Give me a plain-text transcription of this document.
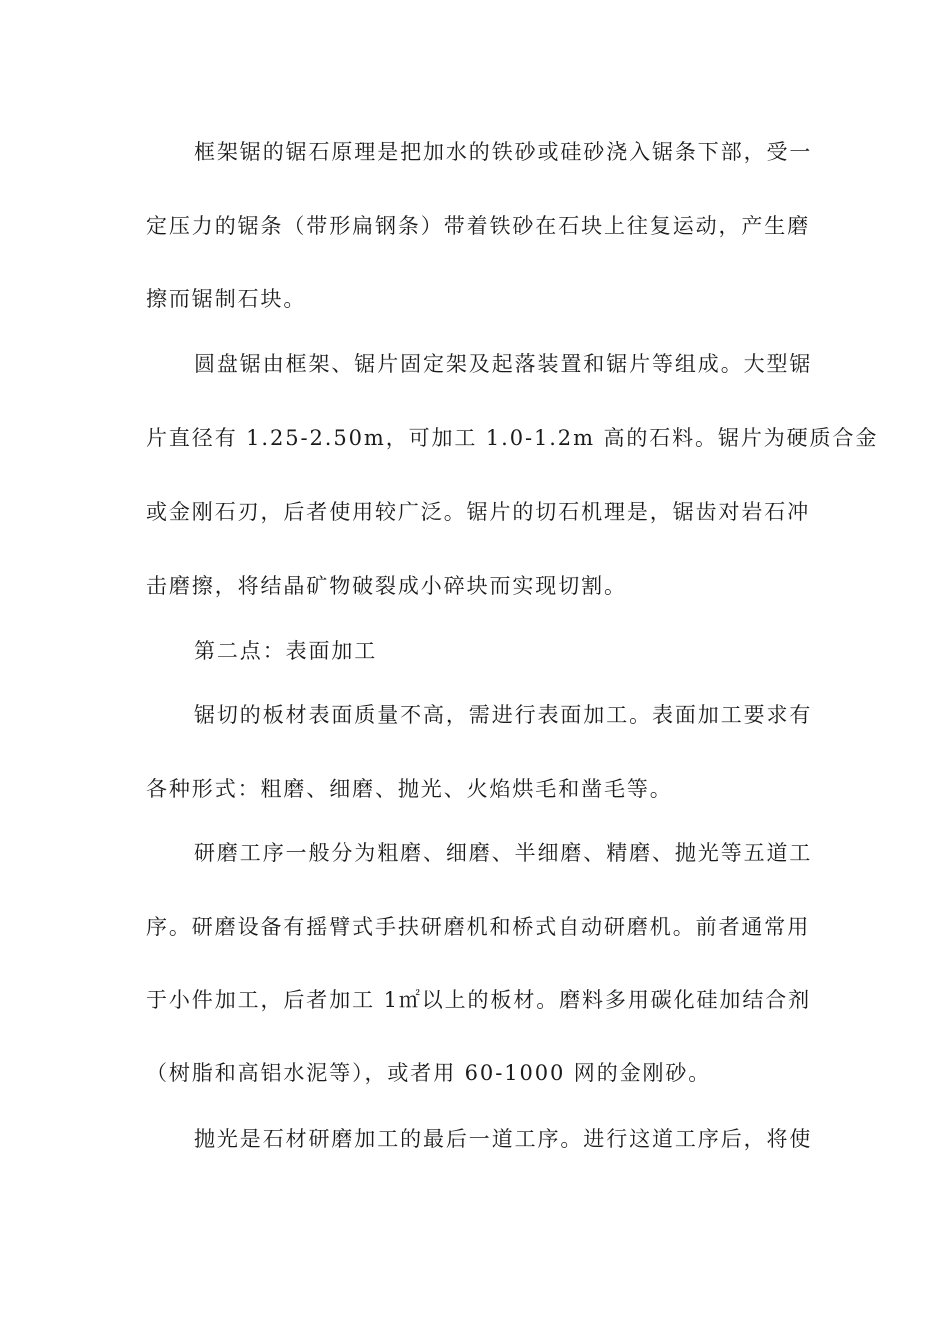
框架锯的锯石原理是把加水的铁砂或硅砂浇入锯条下部，受一
定压力的锯条（带形扁钢条）带着铁砂在石块上往复运动，产生磨
擦而锯制石块。
圆盘锯由框架、锯片固定架及起落装置和锯片等组成。大型锯
片直径有 1.25-2.50m，可加工 1.0-1.2m 高的石料。锯片为硬质合金
或金刚石刃，后者使用较广泛。锯片的切石机理是，锯齿对岩石冲
击磨擦，将结晶矿物破裂成小碎块而实现切割。
第二点：表面加工
锯切的板材表面质量不高，需进行表面加工。表面加工要求有
各种形式：粗磨、细磨、抛光、火焰烘毛和凿毛等。
研磨工序一般分为粗磨、细磨、半细磨、精磨、抛光等五道工
序。研磨设备有摇臂式手扶研磨机和桥式自动研磨机。前者通常用
于小件加工，后者加工 1㎡以上的板材。磨料多用碳化硅加结合剂
（树脂和高铝水泥等），或者用 60-1000 网的金刚砂。
抛光是石材研磨加工的最后一道工序。进行这道工序后，将使
